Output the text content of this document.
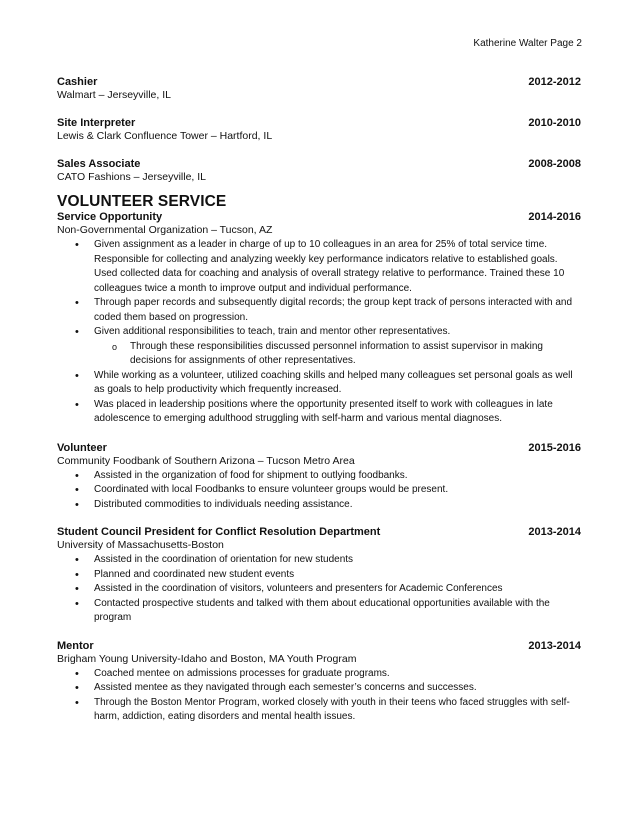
Katherine Walter Page 2
Cashier	2012-2012
Walmart – Jerseyville, IL
Site Interpreter	2010-2010
Lewis & Clark Confluence Tower – Hartford, IL
Sales Associate	2008-2008
CATO Fashions – Jerseyville, IL
VOLUNTEER SERVICE
Service Opportunity	2014-2016
Non-Governmental Organization – Tucson, AZ
• Given assignment as a leader in charge of up to 10 colleagues in an area for 25% of total service time. Responsible for collecting and analyzing weekly key performance indicators relative to established goals. Used collected data for coaching and analysis of overall strategy relative to performance. Trained these 10 colleagues twice a month to improve output and individual performance.
• Through paper records and subsequently digital records; the group kept track of persons interacted with and coded them based on progression.
• Given additional responsibilities to teach, train and mentor other representatives.
o Through these responsibilities discussed personnel information to assist supervisor in making decisions for assignments of other representatives.
• While working as a volunteer, utilized coaching skills and helped many colleagues set personal goals as well as goals to help productivity which frequently increased.
• Was placed in leadership positions where the opportunity presented itself to work with colleagues in late adolescence to emerging adulthood struggling with self-harm and various mental diagnoses.
Volunteer	2015-2016
Community Foodbank of Southern Arizona – Tucson Metro Area
• Assisted in the organization of food for shipment to outlying foodbanks.
• Coordinated with local Foodbanks to ensure volunteer groups would be present.
• Distributed commodities to individuals needing assistance.
Student Council President for Conflict Resolution Department	2013-2014
University of Massachusetts-Boston
• Assisted in the coordination of orientation for new students
• Planned and coordinated new student events
• Assisted in the coordination of visitors, volunteers and presenters for Academic Conferences
• Contacted prospective students and talked with them about educational opportunities available with the program
Mentor	2013-2014
Brigham Young University-Idaho and Boston, MA Youth Program
• Coached mentee on admissions processes for graduate programs.
• Assisted mentee as they navigated through each semester’s concerns and successes.
• Through the Boston Mentor Program, worked closely with youth in their teens who faced struggles with self-harm, addiction, eating disorders and mental health issues.
